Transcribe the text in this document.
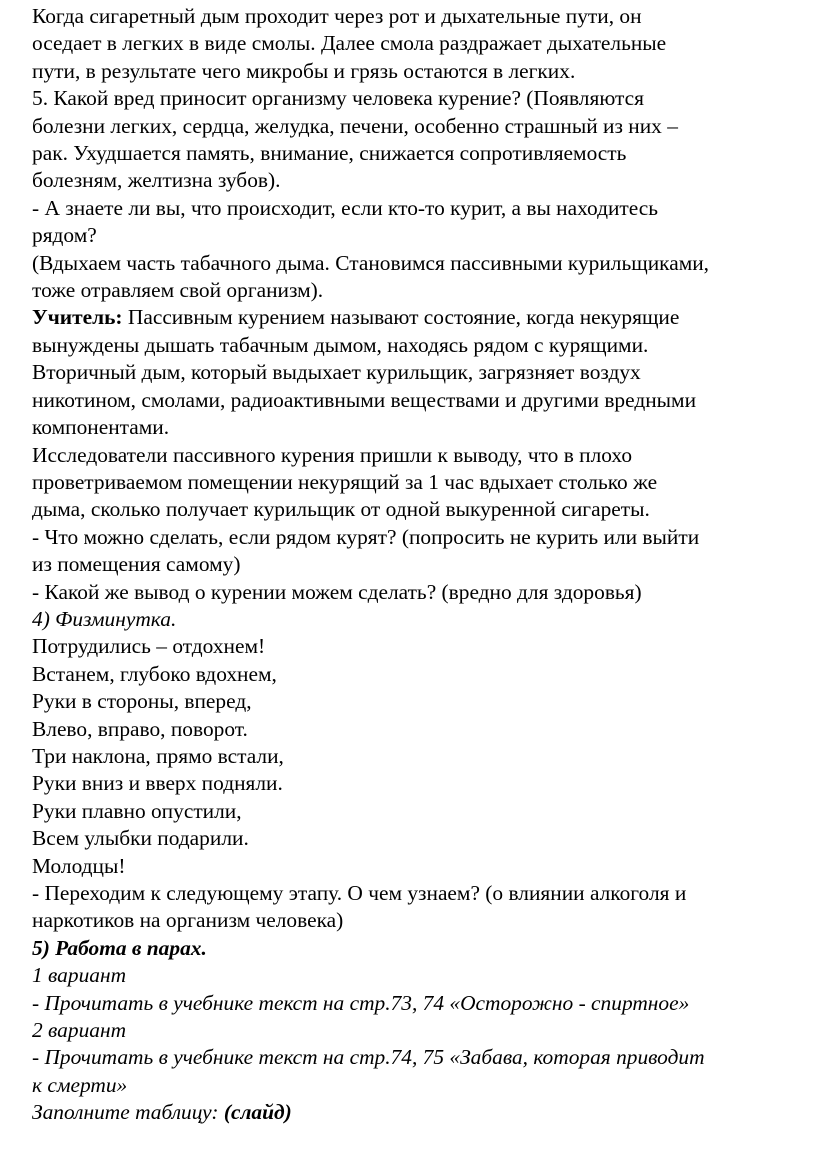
Когда сигаретный дым проходит через рот и дыхательные пути, он
оседает в легких в виде смолы. Далее смола раздражает дыхательные
пути, в результате чего микробы и грязь остаются в легких.
5. Какой вред приносит организму человека курение? (Появляются
болезни легких, сердца, желудка, печени, особенно страшный из них –
рак. Ухудшается память, внимание, снижается сопротивляемость
болезням, желтизна зубов).
- А знаете ли вы, что происходит, если кто-то курит, а вы находитесь
рядом?
(Вдыхаем часть табачного дыма. Становимся пассивными курильщиками,
тоже отравляем свой организм).
Учитель: Пассивным курением называют состояние, когда некурящие
вынуждены дышать табачным дымом, находясь рядом с курящими.
Вторичный дым, который выдыхает курильщик, загрязняет воздух
никотином, смолами, радиоактивными веществами и другими вредными
компонентами.
Исследователи пассивного курения пришли к выводу, что в плохо
проветриваемом помещении некурящий за 1 час вдыхает столько же
дыма, сколько получает курильщик от одной выкуренной сигареты.
- Что можно сделать, если рядом курят? (попросить не курить или выйти
из помещения самому)
- Какой же вывод о курении можем сделать? (вредно для здоровья)
4) Физминутка.
Потрудились – отдохнем!
Встанем, глубоко вдохнем,
Руки в стороны, вперед,
Влево, вправо, поворот.
Три наклона, прямо встали,
Руки вниз и вверх подняли.
Руки плавно опустили,
Всем улыбки подарили.
Молодцы!
- Переходим к следующему этапу. О чем узнаем? (о влиянии алкоголя и
наркотиков на организм человека)
5) Работа в парах.
1 вариант
- Прочитать в учебнике текст на стр.73, 74 «Осторожно - спиртное»
2 вариант
- Прочитать в учебнике текст на стр.74, 75 «Забава, которая приводит
к смерти»
Заполните таблицу: (слайд)
